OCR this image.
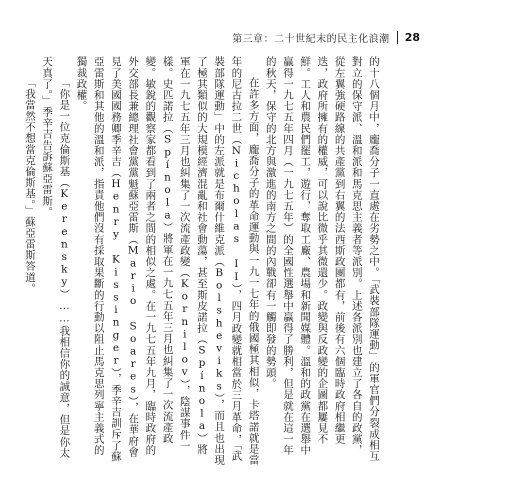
第三章：二十世紀末的民主化浪潮 28

的十八個月中，龐喬分子一直處在劣勢之中。「武裝部隊運動」的軍官們分裂成相互對立的保守派、溫和派和馬克思主義者等派別。上述各派別也建立了各自的政黨，從左翼強硬路線的共產黨到右翼的法西斯政團都有，前後有六個臨時政府相繼更迭，政府所擁有的權威，可以說比微乎其微還少。政變與反政變的企圖都屢見不鮮。工人和農民們罷工，遊行，奪取工廠、農場和新聞媒體。溫和的政黨在選舉中贏得一九七五年四月（一九七五年）的全國性選舉中贏得了勝利，但是就在這一年的秋天，保守的北方與激進的南方之間的內戰卻有一觸即發的勢頭。

在許多方面，龐喬分子的革命運動與一九一七年的俄國極其相似，卡塔諾就是當年的尼古拉二世（Nicholas II），四月政變就相當於三月革命，「武裝部隊運動」中的左派就是布爾什維克派（Bolsheviks），而且也出現了極其類似的大規模經濟混亂和社會動蕩，甚至斯皮諾拉（Spínola）將軍在一九七五年三月也糾集了一次流產政變（Kornilov），陰謀事件一樣。史匹諾拉（Spínola）將軍在一九七五年三月也糾集了一次流產政變。敏銳的觀察家都看到了兩者之間的相似之處。在一九七五年九月，臨時政府的外交部長兼總理社會黨黨魁蘇亞雷斯（Mario Soares），在華府會見了美國國務卿季辛吉（Henry Kissinger），季辛吉訓斥了蘇亞雷斯和其他的溫和派，指責他們沒有採取果斷的行動以阻止馬克思列寧主義式的獨裁政權。

「你是一位克倫斯基（Kerensky）……我相信你的誠意，但是你太天真了。」季辛吉告訴蘇亞雷斯。

「我當然不想當克倫斯基。」蘇亞雷斯答道。
